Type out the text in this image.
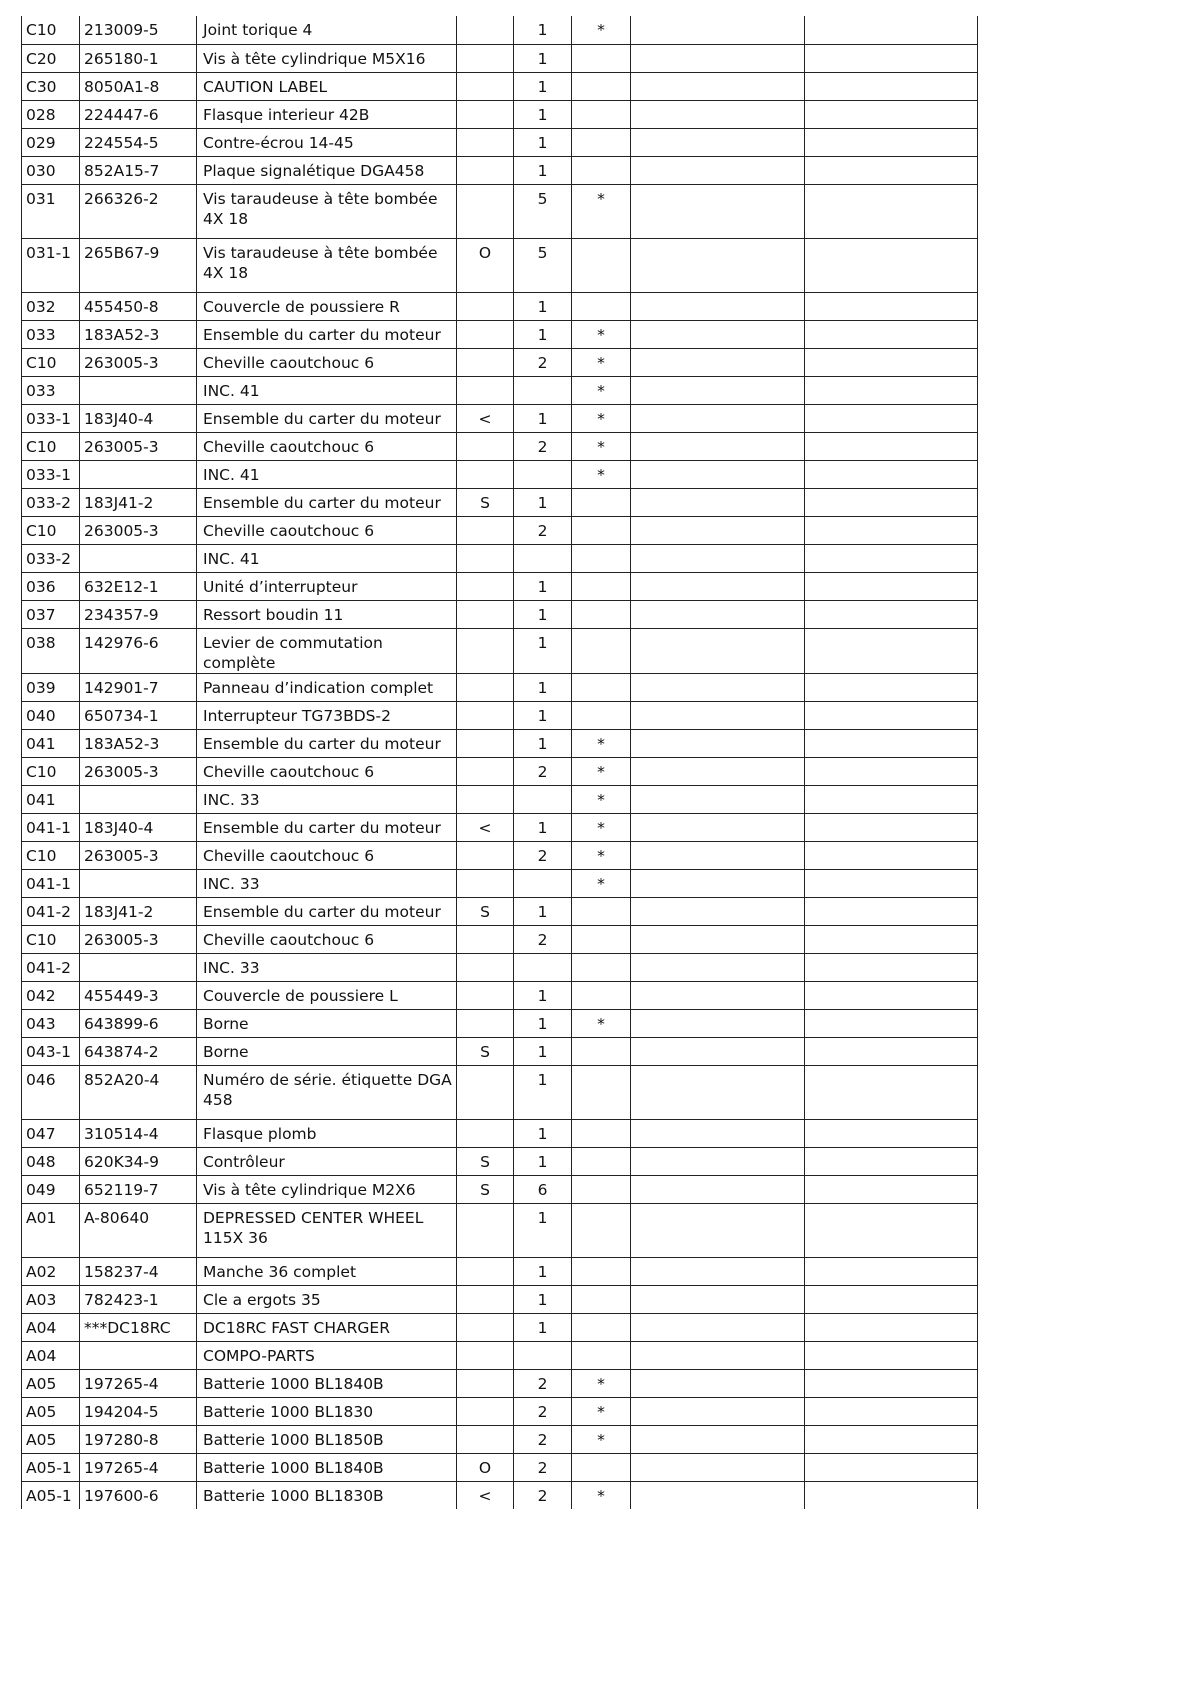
C10	213009-5	Joint torique 4		1	*		
C20	265180-1	Vis à tête cylindrique M5X16		1			
C30	8050A1-8	CAUTION LABEL		1			
028	224447-6	Flasque interieur 42B		1			
029	224554-5	Contre-écrou 14-45		1			
030	852A15-7	Plaque signalétique DGA458		1			
031	266326-2	Vis taraudeuse à tête bombée 4X 18		5	*		
031-1	265B67-9	Vis taraudeuse à tête bombée 4X 18	O	5			
032	455450-8	Couvercle de poussiere R		1			
033	183A52-3	Ensemble du carter du moteur		1	*		
C10	263005-3	Cheville caoutchouc 6		2	*		
033		INC. 41			*		
033-1	183J40-4	Ensemble du carter du moteur	<	1	*		
C10	263005-3	Cheville caoutchouc 6		2	*		
033-1		INC. 41			*		
033-2	183J41-2	Ensemble du carter du moteur	S	1			
C10	263005-3	Cheville caoutchouc 6		2			
033-2		INC. 41					
036	632E12-1	Unité d’interrupteur		1			
037	234357-9	Ressort boudin 11		1			
038	142976-6	Levier de commutation complète		1			
039	142901-7	Panneau d’indication complet		1			
040	650734-1	Interrupteur TG73BDS-2		1			
041	183A52-3	Ensemble du carter du moteur		1	*		
C10	263005-3	Cheville caoutchouc 6		2	*		
041		INC. 33			*		
041-1	183J40-4	Ensemble du carter du moteur	<	1	*		
C10	263005-3	Cheville caoutchouc 6		2	*		
041-1		INC. 33			*		
041-2	183J41-2	Ensemble du carter du moteur	S	1			
C10	263005-3	Cheville caoutchouc 6		2			
041-2		INC. 33					
042	455449-3	Couvercle de poussiere L		1			
043	643899-6	Borne		1	*		
043-1	643874-2	Borne	S	1			
046	852A20-4	Numéro de série. étiquette DGA 458		1			
047	310514-4	Flasque plomb		1			
048	620K34-9	Contrôleur	S	1			
049	652119-7	Vis à tête cylindrique M2X6	S	6			
A01	A-80640	DEPRESSED CENTER WHEEL 115X 36		1			
A02	158237-4	Manche 36 complet		1			
A03	782423-1	Cle a ergots 35		1			
A04	***DC18RC	DC18RC FAST CHARGER		1			
A04		COMPO-PARTS					
A05	197265-4	Batterie 1000 BL1840B		2	*		
A05	194204-5	Batterie 1000 BL1830		2	*		
A05	197280-8	Batterie 1000 BL1850B		2	*		
A05-1	197265-4	Batterie 1000 BL1840B	O	2			
A05-1	197600-6	Batterie 1000 BL1830B	<	2	*		
